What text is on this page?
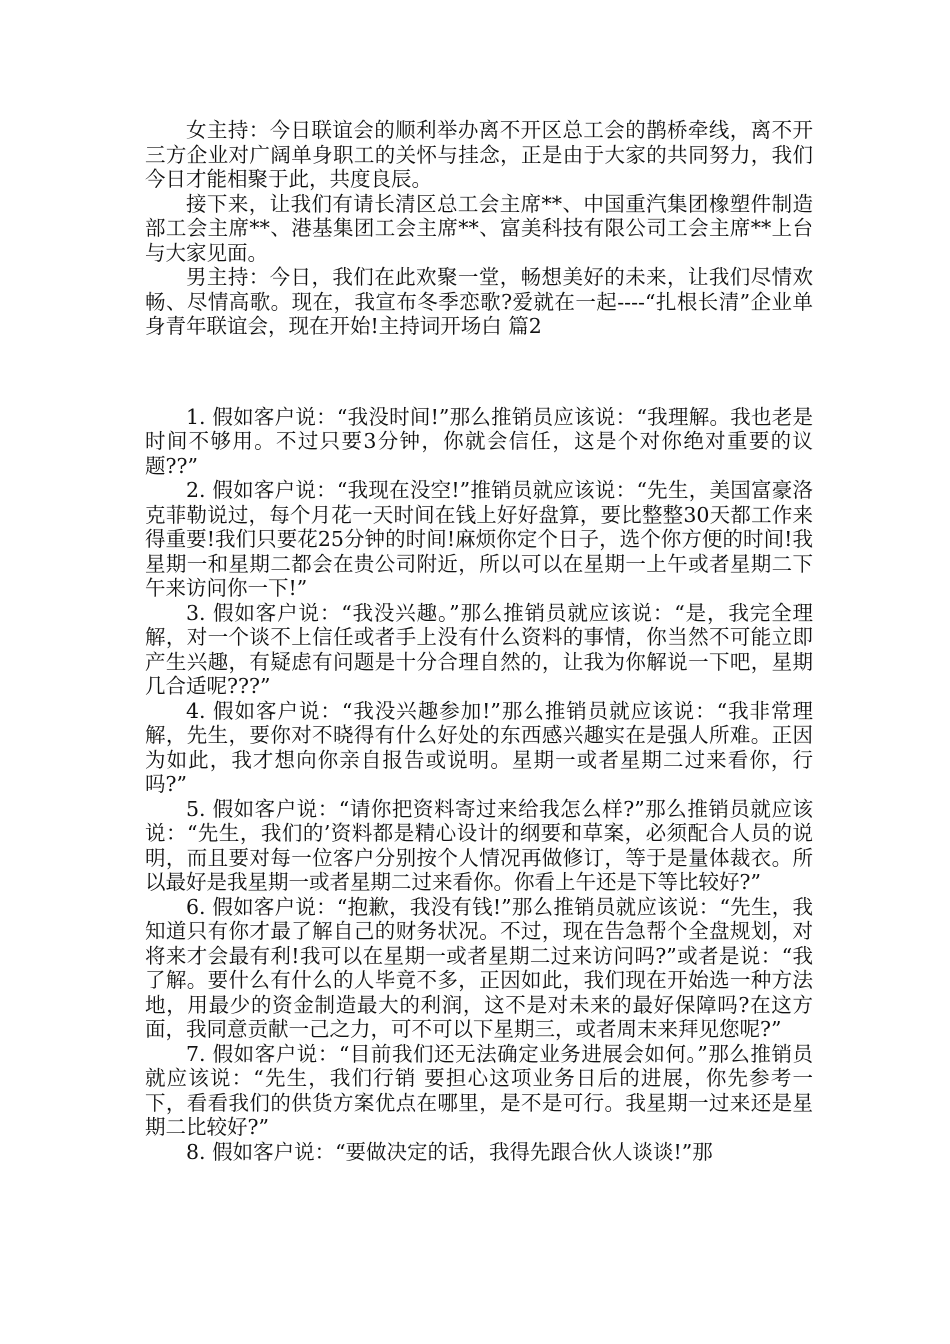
女主持：今日联谊会的顺利举办离不开区总工会的鹊桥牵线，离不开三方企业对广阔单身职工的关怀与挂念，正是由于大家的共同努力，我们今日才能相聚于此，共度良辰。

接下来，让我们有请长清区总工会主席**、中国重汽集团橡塑件制造部工会主席**、港基集团工会主席**、富美科技有限公司工会主席**上台与大家见面。

男主持：今日，我们在此欢聚一堂，畅想美好的未来，让我们尽情欢畅、尽情高歌。现在，我宣布冬季恋歌?爱就在一起----“扎根长清”企业单身青年联谊会，现在开始!主持词开场白 篇2

1. 假如客户说：“我没时间!”那么推销员应该说：“我理解。我也老是时间不够用。不过只要3分钟，你就会信任，这是个对你绝对重要的议题??”

2. 假如客户说：“我现在没空!”推销员就应该说：“先生，美国富豪洛克菲勒说过，每个月花一天时间在钱上好好盘算，要比整整30天都工作来得重要!我们只要花25分钟的时间!麻烦你定个日子，选个你方便的时间!我星期一和星期二都会在贵公司附近，所以可以在星期一上午或者星期二下午来访问你一下!”

3. 假如客户说：“我没兴趣。”那么推销员就应该说：“是，我完全理解，对一个谈不上信任或者手上没有什么资料的事情，你当然不可能立即产生兴趣，有疑虑有问题是十分合理自然的，让我为你解说一下吧，星期几合适呢???”

4. 假如客户说：“我没兴趣参加!”那么推销员就应该说：“我非常理解，先生，要你对不晓得有什么好处的东西感兴趣实在是强人所难。正因为如此，我才想向你亲自报告或说明。星期一或者星期二过来看你，行吗?”

5. 假如客户说：“请你把资料寄过来给我怎么样?”那么推销员就应该说：“先生，我们的’资料都是精心设计的纲要和草案，必须配合人员的说明，而且要对每一位客户分别按个人情况再做修订，等于是量体裁衣。所以最好是我星期一或者星期二过来看你。你看上午还是下等比较好?”

6. 假如客户说：“抱歉，我没有钱!”那么推销员就应该说：“先生，我知道只有你才最了解自己的财务状况。不过，现在告急帮个全盘规划，对将来才会最有利!我可以在星期一或者星期二过来访问吗?”或者是说：“我了解。要什么有什么的人毕竟不多，正因如此，我们现在开始选一种方法地，用最少的资金制造最大的利润，这不是对未来的最好保障吗?在这方面，我同意贡献一己之力，可不可以下星期三，或者周末来拜见您呢?”

7. 假如客户说：“目前我们还无法确定业务进展会如何。”那么推销员就应该说：“先生，我们行销 要担心这项业务日后的进展，你先参考一下，看看我们的供货方案优点在哪里，是不是可行。我星期一过来还是星期二比较好?”

8. 假如客户说：“要做决定的话，我得先跟合伙人谈谈!”那
